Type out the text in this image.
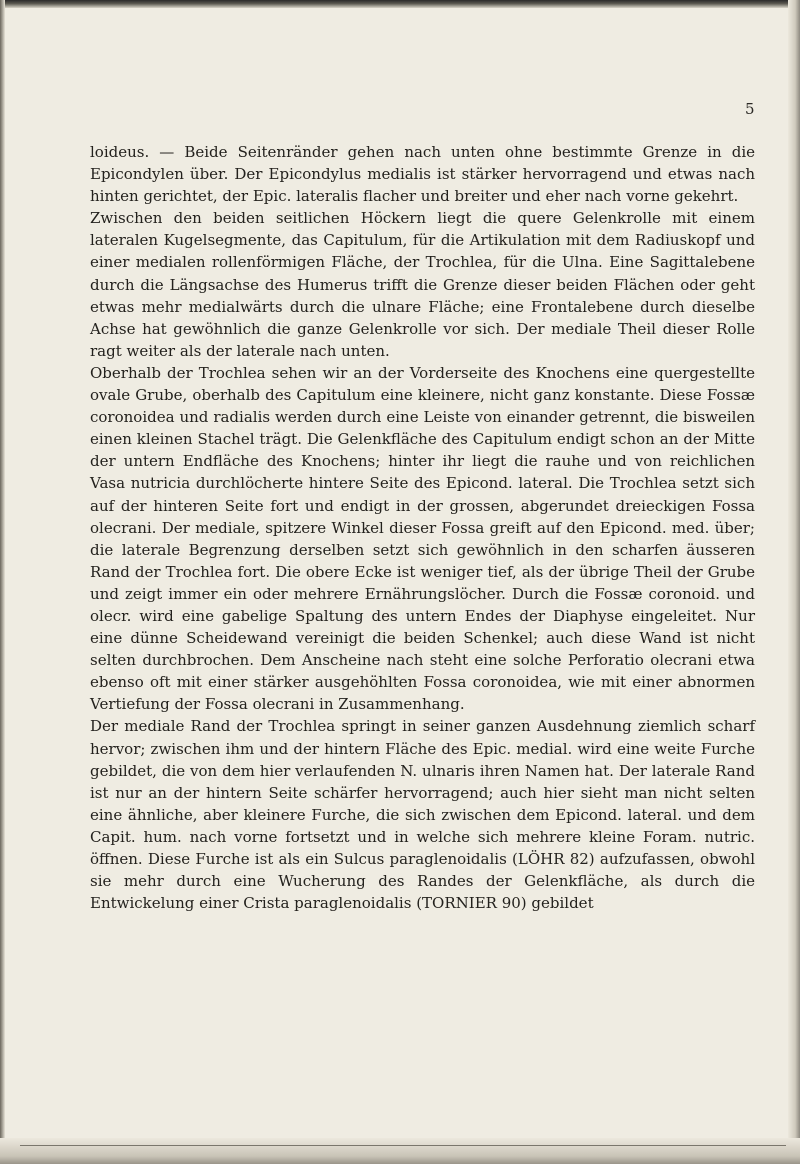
5

loideus. — Beide Seitenränder gehen nach unten ohne bestimmte Grenze in die Epicondylen über. Der Epicondylus medialis ist stärker hervorragend und etwas nach hinten gerichtet, der Epic. lateralis flacher und breiter und eher nach vorne gekehrt.

Zwischen den beiden seitlichen Höckern liegt die quere Gelenkrolle mit einem lateralen Kugelsegmente, das Capitulum, für die Artikulation mit dem Radiuskopf und einer medialen rollenförmigen Fläche, der Trochlea, für die Ulna. Eine Sagittalebene durch die Längsachse des Humerus trifft die Grenze dieser beiden Flächen oder geht etwas mehr medialwärts durch die ulnare Fläche; eine Frontalebene durch dieselbe Achse hat gewöhnlich die ganze Gelenkrolle vor sich. Der mediale Theil dieser Rolle ragt weiter als der laterale nach unten.

Oberhalb der Trochlea sehen wir an der Vorderseite des Knochens eine quergestellte ovale Grube, oberhalb des Capitulum eine kleinere, nicht ganz konstante. Diese Fossæ coronoidea und radialis werden durch eine Leiste von einander getrennt, die bisweilen einen kleinen Stachel trägt. Die Gelenkfläche des Capitulum endigt schon an der Mitte der untern Endfläche des Knochens; hinter ihr liegt die rauhe und von reichlichen Vasa nutricia durchlöcherte hintere Seite des Epicond. lateral. Die Trochlea setzt sich auf der hinteren Seite fort und endigt in der grossen, abgerundet dreieckigen Fossa olecrani. Der mediale, spitzere Winkel dieser Fossa greift auf den Epicond. med. über; die laterale Begrenzung derselben setzt sich gewöhnlich in den scharfen äusseren Rand der Trochlea fort. Die obere Ecke ist weniger tief, als der übrige Theil der Grube und zeigt immer ein oder mehrere Ernährungslöcher. Durch die Fossæ coronoid. und olecr. wird eine gabelige Spaltung des untern Endes der Diaphyse eingeleitet. Nur eine dünne Scheidewand vereinigt die beiden Schenkel; auch diese Wand ist nicht selten durchbrochen. Dem Anscheine nach steht eine solche Perforatio olecrani etwa ebenso oft mit einer stärker ausgehöhlten Fossa coronoidea, wie mit einer abnormen Vertiefung der Fossa olecrani in Zusammenhang.

Der mediale Rand der Trochlea springt in seiner ganzen Ausdehnung ziemlich scharf hervor; zwischen ihm und der hintern Fläche des Epic. medial. wird eine weite Furche gebildet, die von dem hier verlaufenden N. ulnaris ihren Namen hat. Der laterale Rand ist nur an der hintern Seite schärfer hervorragend; auch hier sieht man nicht selten eine ähnliche, aber kleinere Furche, die sich zwischen dem Epicond. lateral. und dem Capit. hum. nach vorne fortsetzt und in welche sich mehrere kleine Foram. nutric. öffnen. Diese Furche ist als ein Sulcus paraglenoidalis (LÖHR 82) aufzufassen, obwohl sie mehr durch eine Wucherung des Randes der Gelenkfläche, als durch die Entwickelung einer Crista paraglenoidalis (TORNIER 90) gebildet
